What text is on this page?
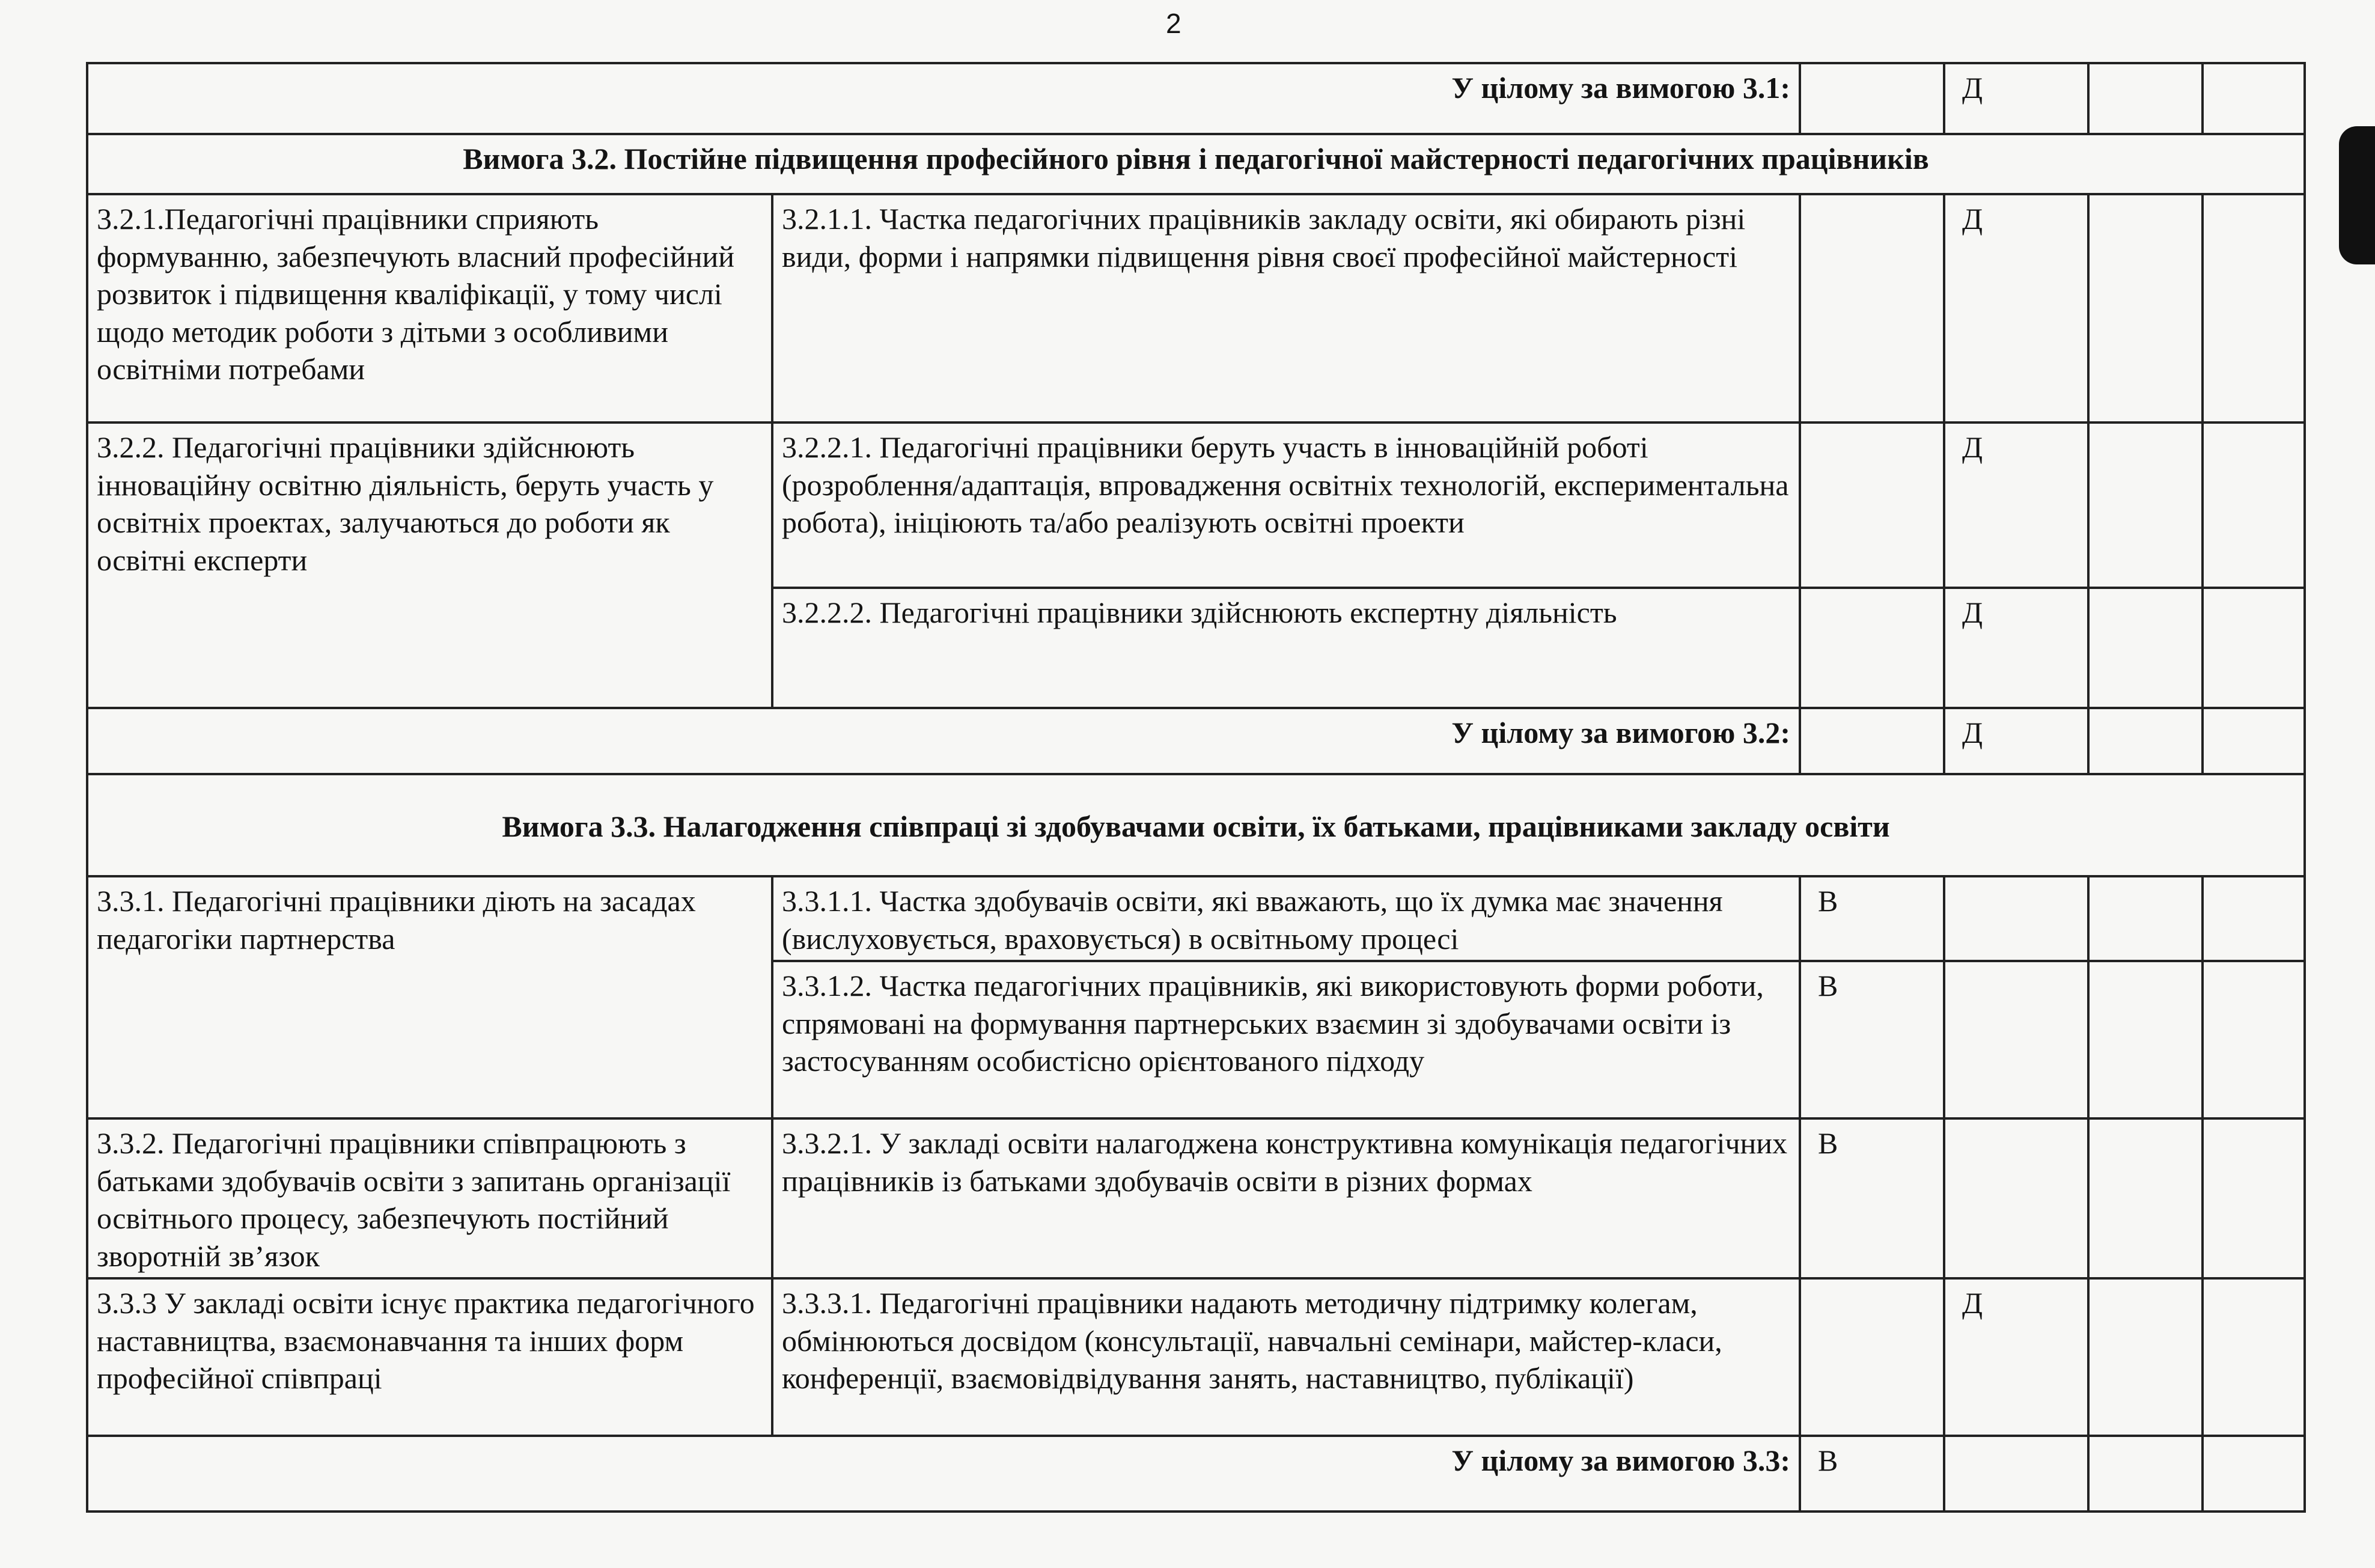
2
У цілому за вимогою 3.1:			Д		
Вимога 3.2. Постійне підвищення професійного рівня і педагогічної майстерності педагогічних працівників					
3.2.1.Педагогічні працівники сприяють формуванню, забезпечують власний професійний розвиток і підвищення кваліфікації, у тому числі щодо методик роботи з дітьми з особливими освітніми потребами	3.2.1.1. Частка педагогічних працівників закладу освіти, які обирають різні види, форми і напрямки підвищення рівня своєї професійної майстерності		Д		
3.2.2. Педагогічні працівники здійснюють інноваційну освітню діяльність, беруть участь у освітніх проектах, залучаються до роботи як освітні експерти	3.2.2.1. Педагогічні працівники беруть участь в інноваційній роботі (розроблення/адаптація, впровадження освітніх технологій, експериментальна робота), ініціюють та/або реалізують освітні проекти		Д		
	3.2.2.2. Педагогічні працівники здійснюють експертну діяльність		Д		
У цілому за вимогою 3.2:			Д		
Вимога 3.3. Налагодження співпраці зі здобувачами освіти, їх батьками, працівниками закладу освіти					
3.3.1. Педагогічні працівники діють на засадах педагогіки партнерства	3.3.1.1. Частка здобувачів освіти, які вважають, що їх думка має значення (вислуховується, враховується) в освітньому процесі	В			
	3.3.1.2. Частка педагогічних працівників, які використовують форми роботи, спрямовані на формування партнерських взаємин зі здобувачами освіти із застосуванням особистісно орієнтованого підходу	В			
3.3.2. Педагогічні працівники співпрацюють з батьками здобувачів освіти з запитань організації освітнього процесу, забезпечують постійний зворотній зв’язок	3.3.2.1. У закладі освіти налагоджена конструктивна комунікація педагогічних працівників із батьками здобувачів освіти в різних формах	В			
3.3.3 У закладі освіти існує практика педагогічного наставництва, взаємонавчання та інших форм професійної співпраці	3.3.3.1. Педагогічні працівники надають методичну підтримку колегам, обмінюються досвідом (консультації, навчальні семінари, майстер-класи, конференції, взаємовідвідування занять, наставництво, публікації)		Д		
У цілому за вимогою 3.3:		В			
